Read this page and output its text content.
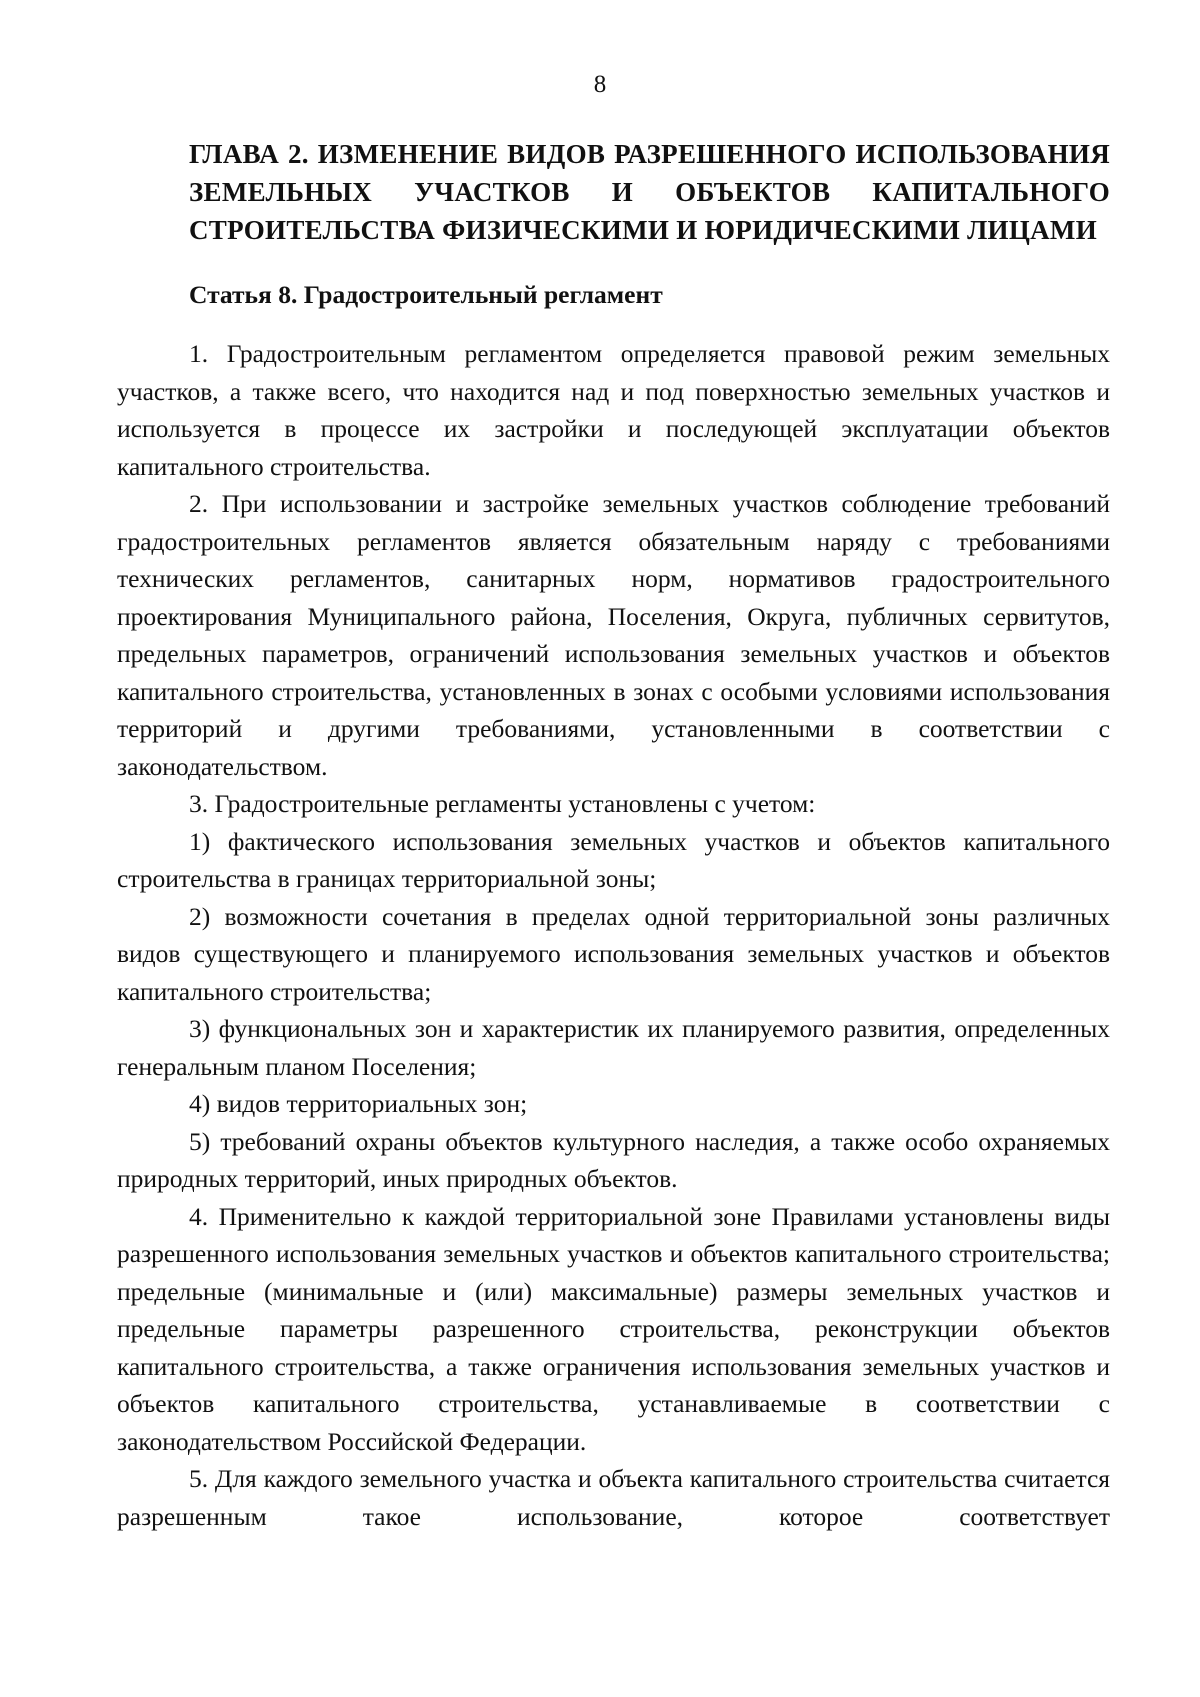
8
ГЛАВА 2. ИЗМЕНЕНИЕ ВИДОВ РАЗРЕШЕННОГО ИСПОЛЬЗОВАНИЯ ЗЕМЕЛЬНЫХ УЧАСТКОВ И ОБЪЕКТОВ КАПИТАЛЬНОГО СТРОИТЕЛЬСТВА ФИЗИЧЕСКИМИ И ЮРИДИЧЕСКИМИ ЛИЦАМИ
Статья 8. Градостроительный регламент

1. Градостроительным регламентом определяется правовой режим земельных участков, а также всего, что находится над и под поверхностью земельных участков и используется в процессе их застройки и последующей эксплуатации объектов капитального строительства.

2. При использовании и застройке земельных участков соблюдение требований градостроительных регламентов является обязательным наряду с требованиями технических регламентов, санитарных норм, нормативов градостроительного проектирования Муниципального района, Поселения, Округа, публичных сервитутов, предельных параметров, ограничений использования земельных участков и объектов капитального строительства, установленных в зонах с особыми условиями использования территорий и другими требованиями, установленными в соответствии с законодательством.

3. Градостроительные регламенты установлены с учетом:

1) фактического использования земельных участков и объектов капитального строительства в границах территориальной зоны;

2) возможности сочетания в пределах одной территориальной зоны различных видов существующего и планируемого использования земельных участков и объектов капитального строительства;

3) функциональных зон и характеристик их планируемого развития, определенных генеральным планом Поселения;

4) видов территориальных зон;

5) требований охраны объектов культурного наследия, а также особо охраняемых природных территорий, иных природных объектов.

4. Применительно к каждой территориальной зоне Правилами установлены виды разрешенного использования земельных участков и объектов капитального строительства; предельные (минимальные и (или) максимальные) размеры земельных участков и предельные параметры разрешенного строительства, реконструкции объектов капитального строительства, а также ограничения использования земельных участков и объектов капитального строительства, устанавливаемые в соответствии с законодательством Российской Федерации.

5. Для каждого земельного участка и объекта капитального строительства считается разрешенным такое использование, которое соответствует
